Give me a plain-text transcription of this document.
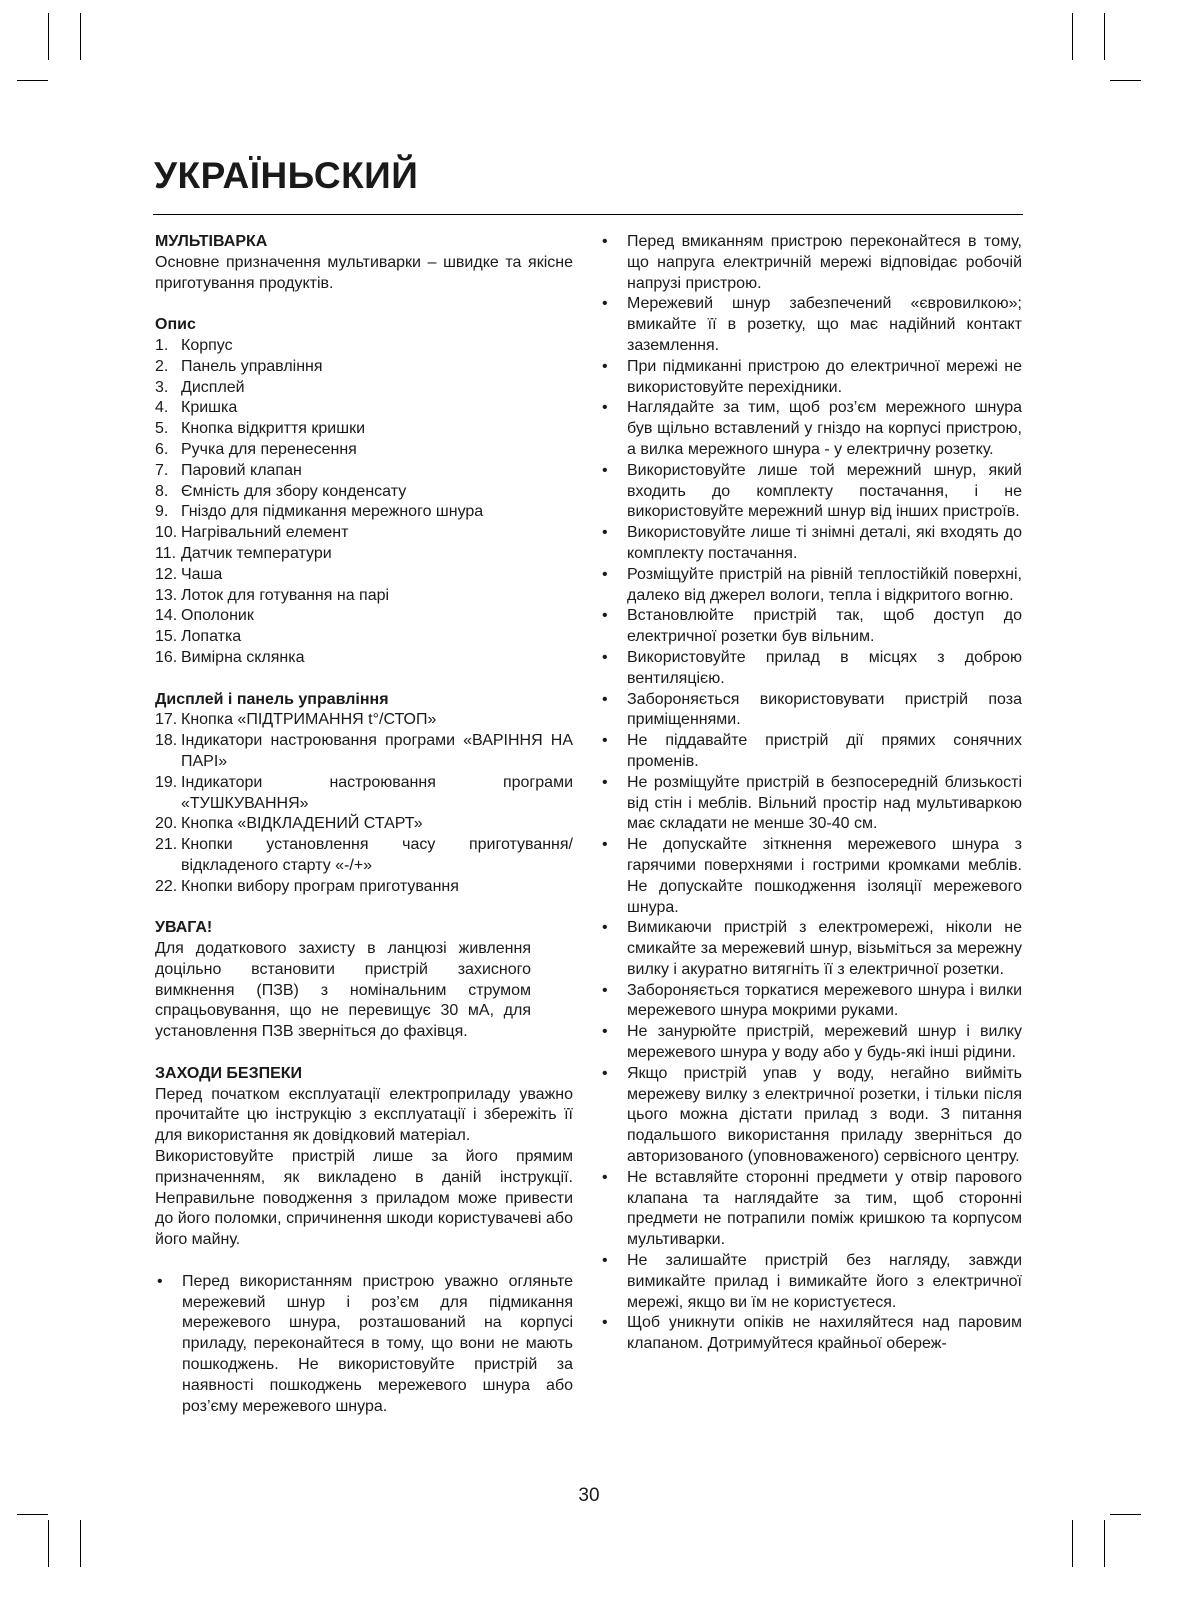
УКРАЇНЬСКИЙ
МУЛЬТІВАРКА

Основне призначення мультиварки – швидке та якісне приготування продуктів.

Опис
1. Корпус
2. Панель управління
3. Дисплей
4. Кришка
5. Кнопка відкриття кришки
6. Ручка для перенесення
7. Паровий клапан
8. Ємність для збору конденсату
9. Гніздо для підмикання мережного шнура
10. Нагрівальний елемент
11. Датчик температури
12. Чаша
13. Лоток для готування на парі
14. Ополоник
15. Лопатка
16. Вимірна склянка
Дисплей і панель управління
17. Кнопка «ПІДТРИМАННЯ t°/СТОП»
18. Індикатори настроювання програми «ВАРІННЯ НА ПАРІ»
19. Індикатори настроювання програми «ТУШКУВАННЯ»
20. Кнопка «ВІДКЛАДЕНИЙ СТАРТ»
21. Кнопки установлення часу приготування/відкладеного старту «-/+»
22. Кнопки вибору програм приготування
УВАГА!

Для додаткового захисту в ланцюзі живлення доцільно встановити пристрій захисного вимкнення (ПЗВ) з номінальним струмом спрацьовування, що не перевищує 30 мА, для установлення ПЗВ зверніться до фахівця.

ЗАХОДИ БЕЗПЕКИ

Перед початком експлуатації електроприладу уважно прочитайте цю інструкцію з експлуатації і збережіть її для використання як довідковий матеріал.

Використовуйте пристрій лише за його прямим призначенням, як викладено в даній інструкції. Неправильне поводження з приладом може привести до його поломки, спричинення шкоди користувачеві або його майну.

•	Перед використанням пристрою уважно огляньте мережевий шнур і роз’єм для підмикання мережевого шнура, розташований на корпусі приладу, переконайтеся в тому, що вони не мають пошкоджень. Не використовуйте пристрій за наявності пошкоджень мережевого шнура або роз’єму мережевого шнура.
•	Перед вмиканням пристрою переконайтеся в тому, що напруга електричній мережі відповідає робочій напрузі пристрою.
•	Мережевий шнур забезпечений «євровилкою»; вмикайте її в розетку, що має надійний контакт заземлення.
•	При підмиканні пристрою до електричної мережі не використовуйте перехідники.
•	Наглядайте за тим, щоб роз’єм мережного шнура був щільно вставлений у гніздо на корпусі пристрою, а вилка мережного шнура - у електричну розетку.
•	Використовуйте лише той мережний шнур, який входить до комплекту постачання, і не використовуйте мережний шнур від інших пристроїв.
•	Використовуйте лише ті знімні деталі, які входять до комплекту постачання.
•	Розміщуйте пристрій на рівній теплостійкій поверхні, далеко від джерел вологи, тепла і відкритого вогню.
•	Встановлюйте пристрій так, щоб доступ до електричної розетки був вільним.
•	Використовуйте прилад в місцях з доброю вентиляцією.
•	Забороняється використовувати пристрій поза приміщеннями.
•	Не піддавайте пристрій дії прямих сонячних променів.
•	Не розміщуйте пристрій в безпосередній близькості від стін і меблів. Вільний простір над мультиваркою має складати не менше 30-40 см.
•	Не допускайте зіткнення мережевого шнура з гарячими поверхнями і гострими кромками меблів. Не допускайте пошкодження ізоляції мережевого шнура.
•	Вимикаючи пристрій з електромережі, ніколи не смикайте за мережевий шнур, візьміться за мережну вилку і акуратно витягніть її з електричної розетки.
•	Забороняється торкатися мережевого шнура і вилки мережевого шнура мокрими руками.
•	Не занурюйте пристрій, мережевий шнур і вилку мережевого шнура у воду або у будь-які інші рідини.
•	Якщо пристрій упав у воду, негайно вийміть мережеву вилку з електричної розетки, і тільки після цього можна дістати прилад з води. З питання подальшого використання приладу зверніться до авторизованого (уповноваженого) сервісного центру.
•	Не вставляйте сторонні предмети у отвір парового клапана та наглядайте за тим, щоб сторонні предмети не потрапили поміж кришкою та корпусом мультиварки.
•	Не залишайте пристрій без нагляду, завжди вимикайте прилад і вимикайте його з електричної мережі, якщо ви їм не користуєтеся.
•	Щоб уникнути опіків не нахиляйтеся над паровим клапаном. Дотримуйтеся крайньої обереж-
30
